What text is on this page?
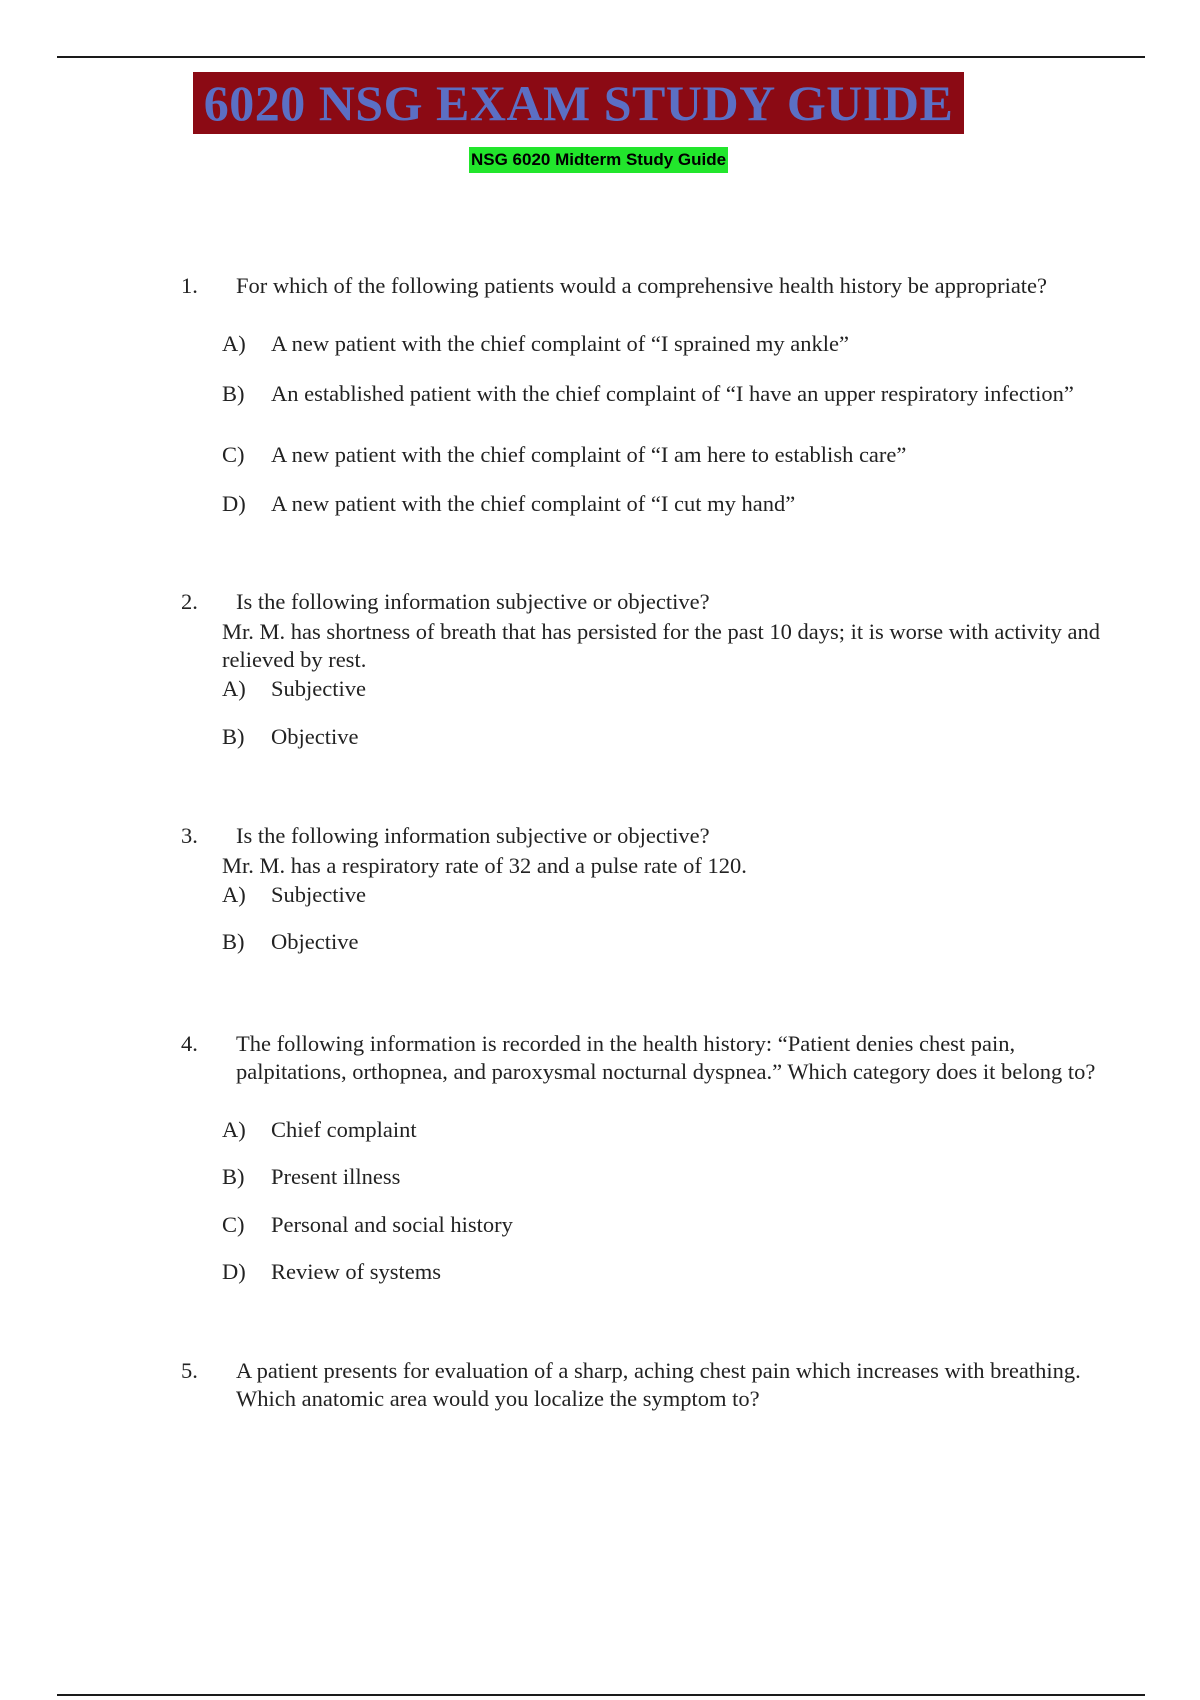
6020 NSG EXAM STUDY GUIDE
NSG 6020 Midterm Study Guide
1. For which of the following patients would a comprehensive health history be appropriate?
A) A new patient with the chief complaint of “I sprained my ankle”
B) An established patient with the chief complaint of “I have an upper respiratory infection”
C) A new patient with the chief complaint of “I am here to establish care”
D) A new patient with the chief complaint of “I cut my hand”
2. Is the following information subjective or objective?
Mr. M. has shortness of breath that has persisted for the past 10 days; it is worse with activity and relieved by rest.
A) Subjective
B) Objective
3. Is the following information subjective or objective?
Mr. M. has a respiratory rate of 32 and a pulse rate of 120.
A) Subjective
B) Objective
4. The following information is recorded in the health history: “Patient denies chest pain, palpitations, orthopnea, and paroxysmal nocturnal dyspnea.” Which category does it belong to?
A) Chief complaint
B) Present illness
C) Personal and social history
D) Review of systems
5. A patient presents for evaluation of a sharp, aching chest pain which increases with breathing. Which anatomic area would you localize the symptom to?
